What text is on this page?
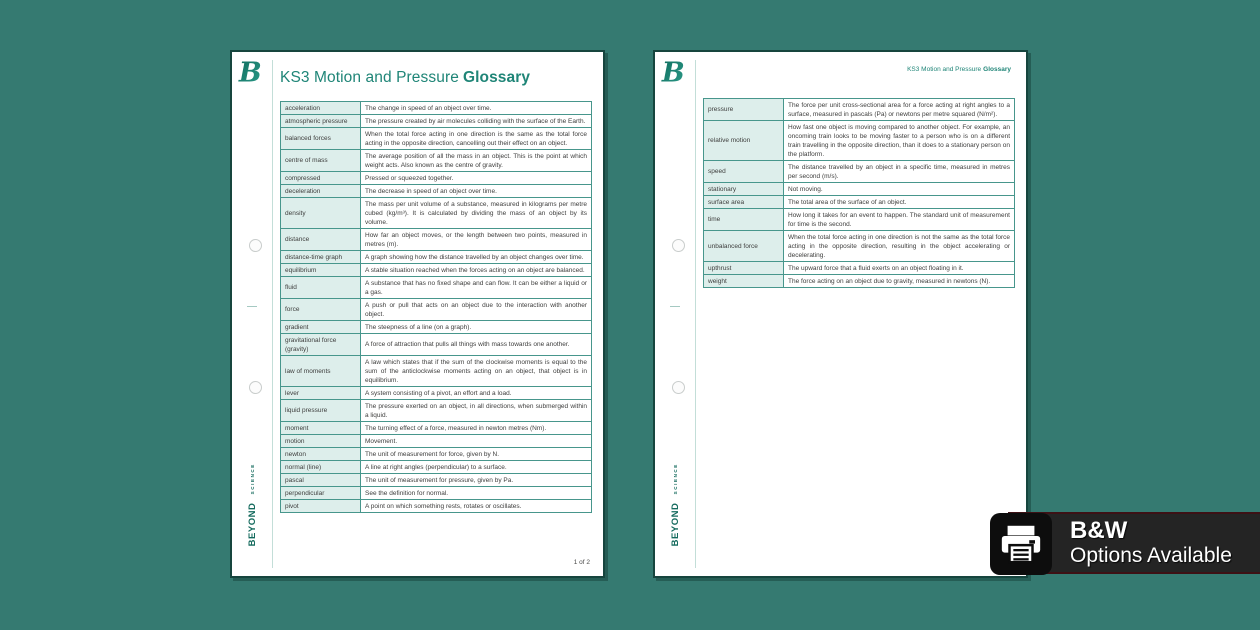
B
BEYOND SCIENCE
KS3 Motion and Pressure Glossary
acceleration	The change in speed of an object over time.
atmospheric pressure	The pressure created by air molecules colliding with the surface of the Earth.
balanced forces	When the total force acting in one direction is the same as the total force acting in the opposite direction, cancelling out their effect on an object.
centre of mass	The average position of all the mass in an object. This is the point at which weight acts. Also known as the centre of gravity.
compressed	Pressed or squeezed together.
deceleration	The decrease in speed of an object over time.
density	The mass per unit volume of a substance, measured in kilograms per metre cubed (kg/m³). It is calculated by dividing the mass of an object by its volume.
distance	How far an object moves, or the length between two points, measured in metres (m).
distance-time graph	A graph showing how the distance travelled by an object changes over time.
equilibrium	A stable situation reached when the forces acting on an object are balanced.
fluid	A substance that has no fixed shape and can flow. It can be either a liquid or a gas.
force	A push or pull that acts on an object due to the interaction with another object.
gradient	The steepness of a line (on a graph).
gravitational force (gravity)	A force of attraction that pulls all things with mass towards one another.
law of moments	A law which states that if the sum of the clockwise moments is equal to the sum of the anticlockwise moments acting on an object, that object is in equilibrium.
lever	A system consisting of a pivot, an effort and a load.
liquid pressure	The pressure exerted on an object, in all directions, when submerged within a liquid.
moment	The turning effect of a force, measured in newton metres (Nm).
motion	Movement.
newton	The unit of measurement for force, given by N.
normal (line)	A line at right angles (perpendicular) to a surface.
pascal	The unit of measurement for pressure, given by Pa.
perpendicular	See the definition for normal.
pivot	A point on which something rests, rotates or oscillates.
1 of 2
B
BEYOND SCIENCE
KS3 Motion and Pressure Glossary
pressure	The force per unit cross-sectional area for a force acting at right angles to a surface, measured in pascals (Pa) or newtons per metre squared (N/m²).
relative motion	How fast one object is moving compared to another object. For example, an oncoming train looks to be moving faster to a person who is on a different train travelling in the opposite direction, than it does to a stationary person on the platform.
speed	The distance travelled by an object in a specific time, measured in metres per second (m/s).
stationary	Not moving.
surface area	The total area of the surface of an object.
time	How long it takes for an event to happen. The standard unit of measurement for time is the second.
unbalanced force	When the total force acting in one direction is not the same as the total force acting in the opposite direction, resulting in the object accelerating or decelerating.
upthrust	The upward force that a fluid exerts on an object floating in it.
weight	The force acting on an object due to gravity, measured in newtons (N).
B&W
Options Available
